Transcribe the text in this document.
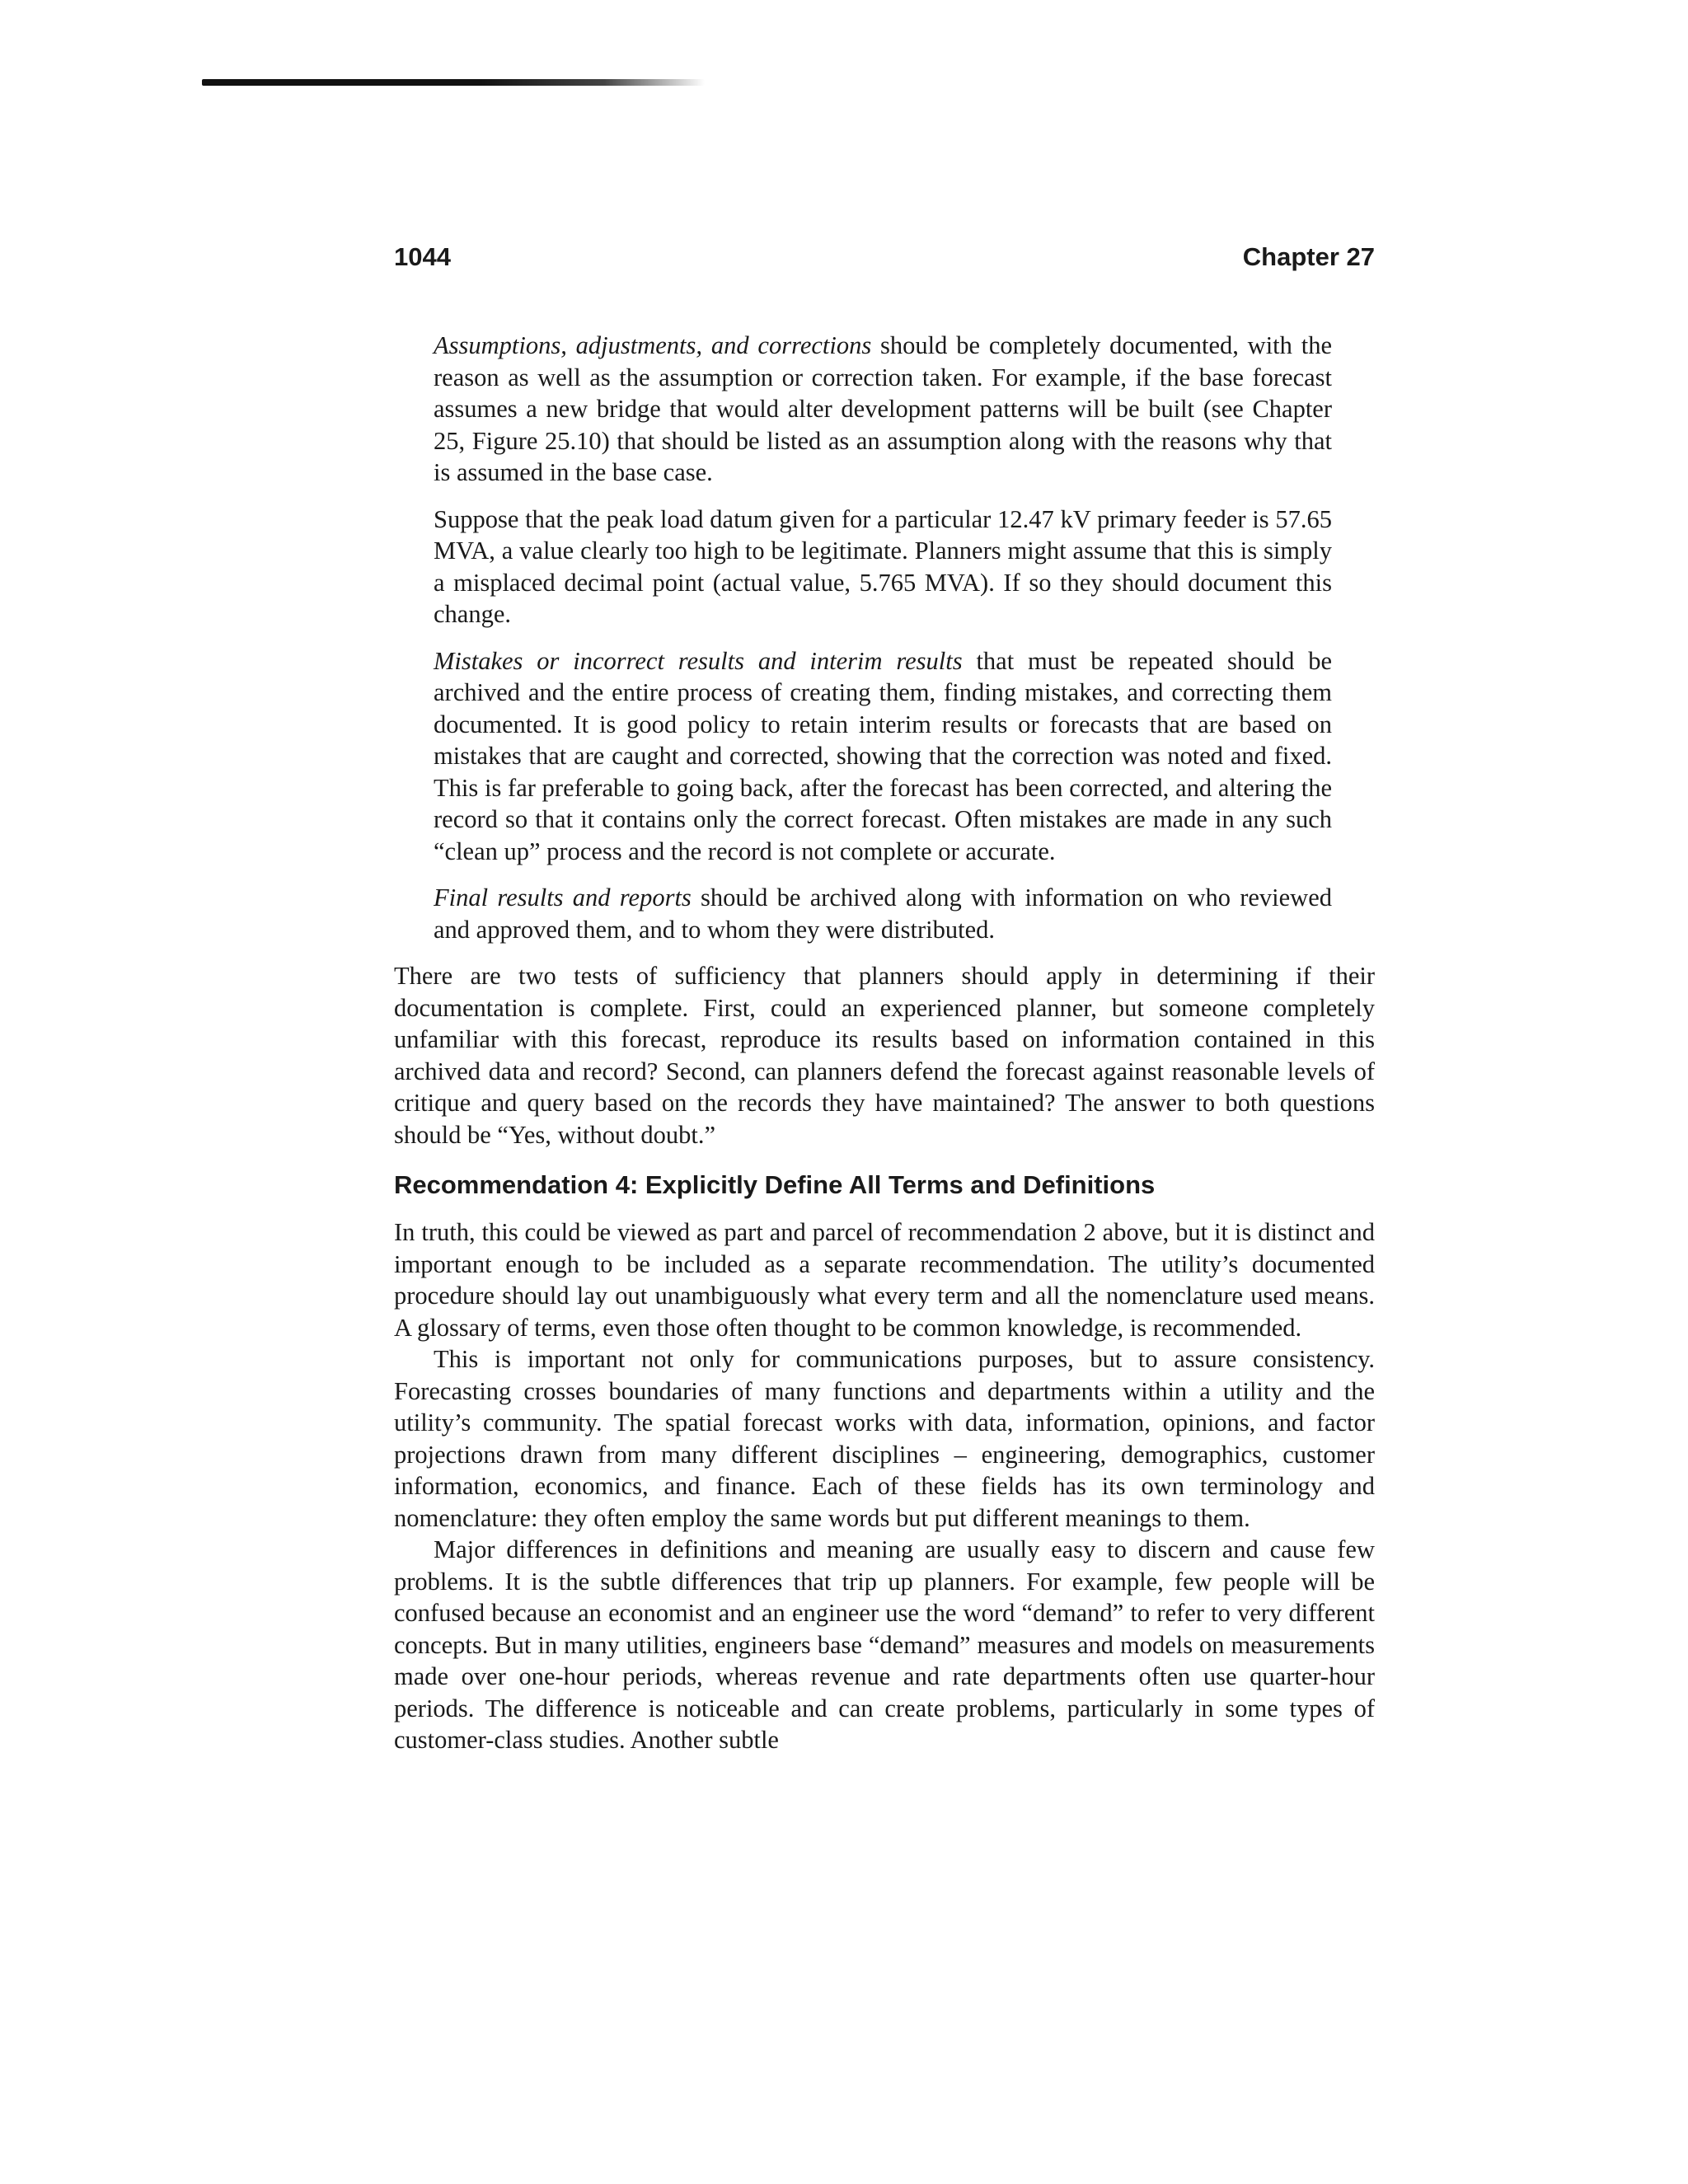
1044	Chapter 27

Assumptions, adjustments, and corrections should be completely documented, with the reason as well as the assumption or correction taken. For example, if the base forecast assumes a new bridge that would alter development patterns will be built (see Chapter 25, Figure 25.10) that should be listed as an assumption along with the reasons why that is assumed in the base case.

Suppose that the peak load datum given for a particular 12.47 kV primary feeder is 57.65 MVA, a value clearly too high to be legitimate. Planners might assume that this is simply a misplaced decimal point (actual value, 5.765 MVA). If so they should document this change.

Mistakes or incorrect results and interim results that must be repeated should be archived and the entire process of creating them, finding mistakes, and correcting them documented. It is good policy to retain interim results or forecasts that are based on mistakes that are caught and corrected, showing that the correction was noted and fixed. This is far preferable to going back, after the forecast has been corrected, and altering the record so that it contains only the correct forecast. Often mistakes are made in any such “clean up” process and the record is not complete or accurate.

Final results and reports should be archived along with information on who reviewed and approved them, and to whom they were distributed.

There are two tests of sufficiency that planners should apply in determining if their documentation is complete. First, could an experienced planner, but someone completely unfamiliar with this forecast, reproduce its results based on information contained in this archived data and record? Second, can planners defend the forecast against reasonable levels of critique and query based on the records they have maintained? The answer to both questions should be “Yes, without doubt.”

Recommendation 4: Explicitly Define All Terms and Definitions

In truth, this could be viewed as part and parcel of recommendation 2 above, but it is distinct and important enough to be included as a separate recommendation. The utility’s documented procedure should lay out unambiguously what every term and all the nomenclature used means. A glossary of terms, even those often thought to be common knowledge, is recommended.

This is important not only for communications purposes, but to assure consistency. Forecasting crosses boundaries of many functions and departments within a utility and the utility’s community. The spatial forecast works with data, information, opinions, and factor projections drawn from many different disciplines – engineering, demographics, customer information, economics, and finance. Each of these fields has its own terminology and nomenclature: they often employ the same words but put different meanings to them.

Major differences in definitions and meaning are usually easy to discern and cause few problems. It is the subtle differences that trip up planners. For example, few people will be confused because an economist and an engineer use the word “demand” to refer to very different concepts. But in many utilities, engineers base “demand” measures and models on measurements made over one-hour periods, whereas revenue and rate departments often use quarter-hour periods. The difference is noticeable and can create problems, particularly in some types of customer-class studies. Another subtle
